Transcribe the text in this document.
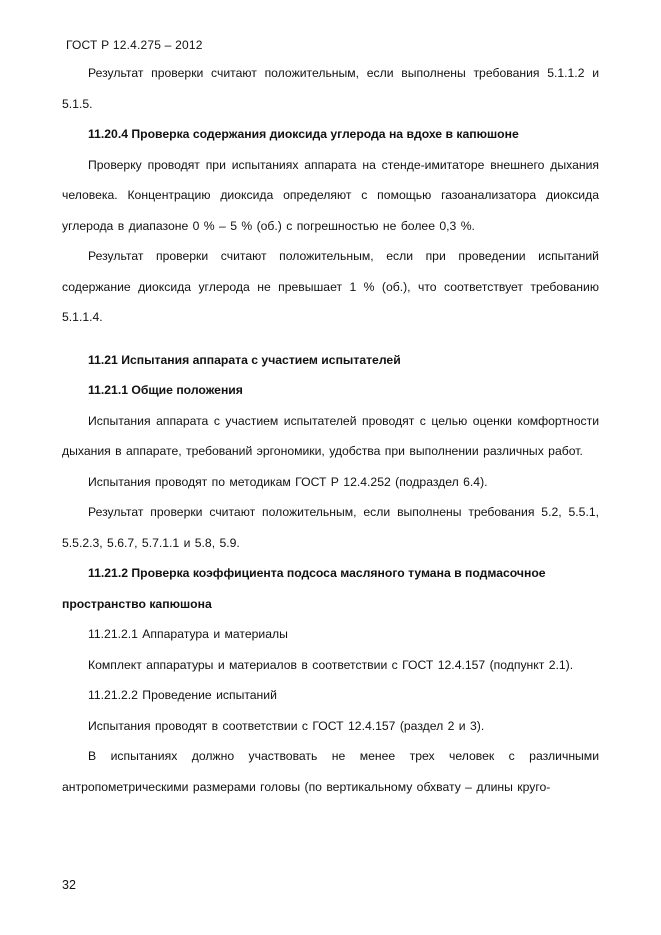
ГОСТ Р 12.4.275 – 2012

Результат проверки считают положительным, если выполнены требования 5.1.1.2 и 5.1.5.

11.20.4 Проверка содержания диоксида углерода на вдохе в капюшоне

Проверку проводят при испытаниях аппарата на стенде-имитаторе внешнего дыхания человека. Концентрацию диоксида определяют с помощью газоанализатора диоксида углерода в диапазоне 0 % – 5 % (об.) с погрешностью не более 0,3 %.

Результат проверки считают положительным, если при проведении испытаний содержание диоксида углерода не превышает 1 % (об.), что соответствует требованию 5.1.1.4.

11.21 Испытания аппарата с участием испытателей

11.21.1 Общие положения

Испытания аппарата с участием испытателей проводят с целью оценки комфортности дыхания в аппарате, требований эргономики, удобства при выполнении различных работ.

Испытания проводят по методикам ГОСТ Р 12.4.252 (подраздел 6.4).

Результат проверки считают положительным, если выполнены требования 5.2, 5.5.1, 5.5.2.3, 5.6.7, 5.7.1.1 и 5.8, 5.9.

11.21.2 Проверка коэффициента подсоса масляного тумана в подмасочное пространство капюшона

11.21.2.1 Аппаратура и материалы

Комплект аппаратуры и материалов в соответствии с ГОСТ 12.4.157 (подпункт 2.1).

11.21.2.2 Проведение испытаний

Испытания проводят в соответствии с ГОСТ 12.4.157 (раздел 2 и 3).

В испытаниях должно участвовать не менее трех человек с различными антропометрическими размерами головы (по вертикальному обхвату – длины круго-

32
